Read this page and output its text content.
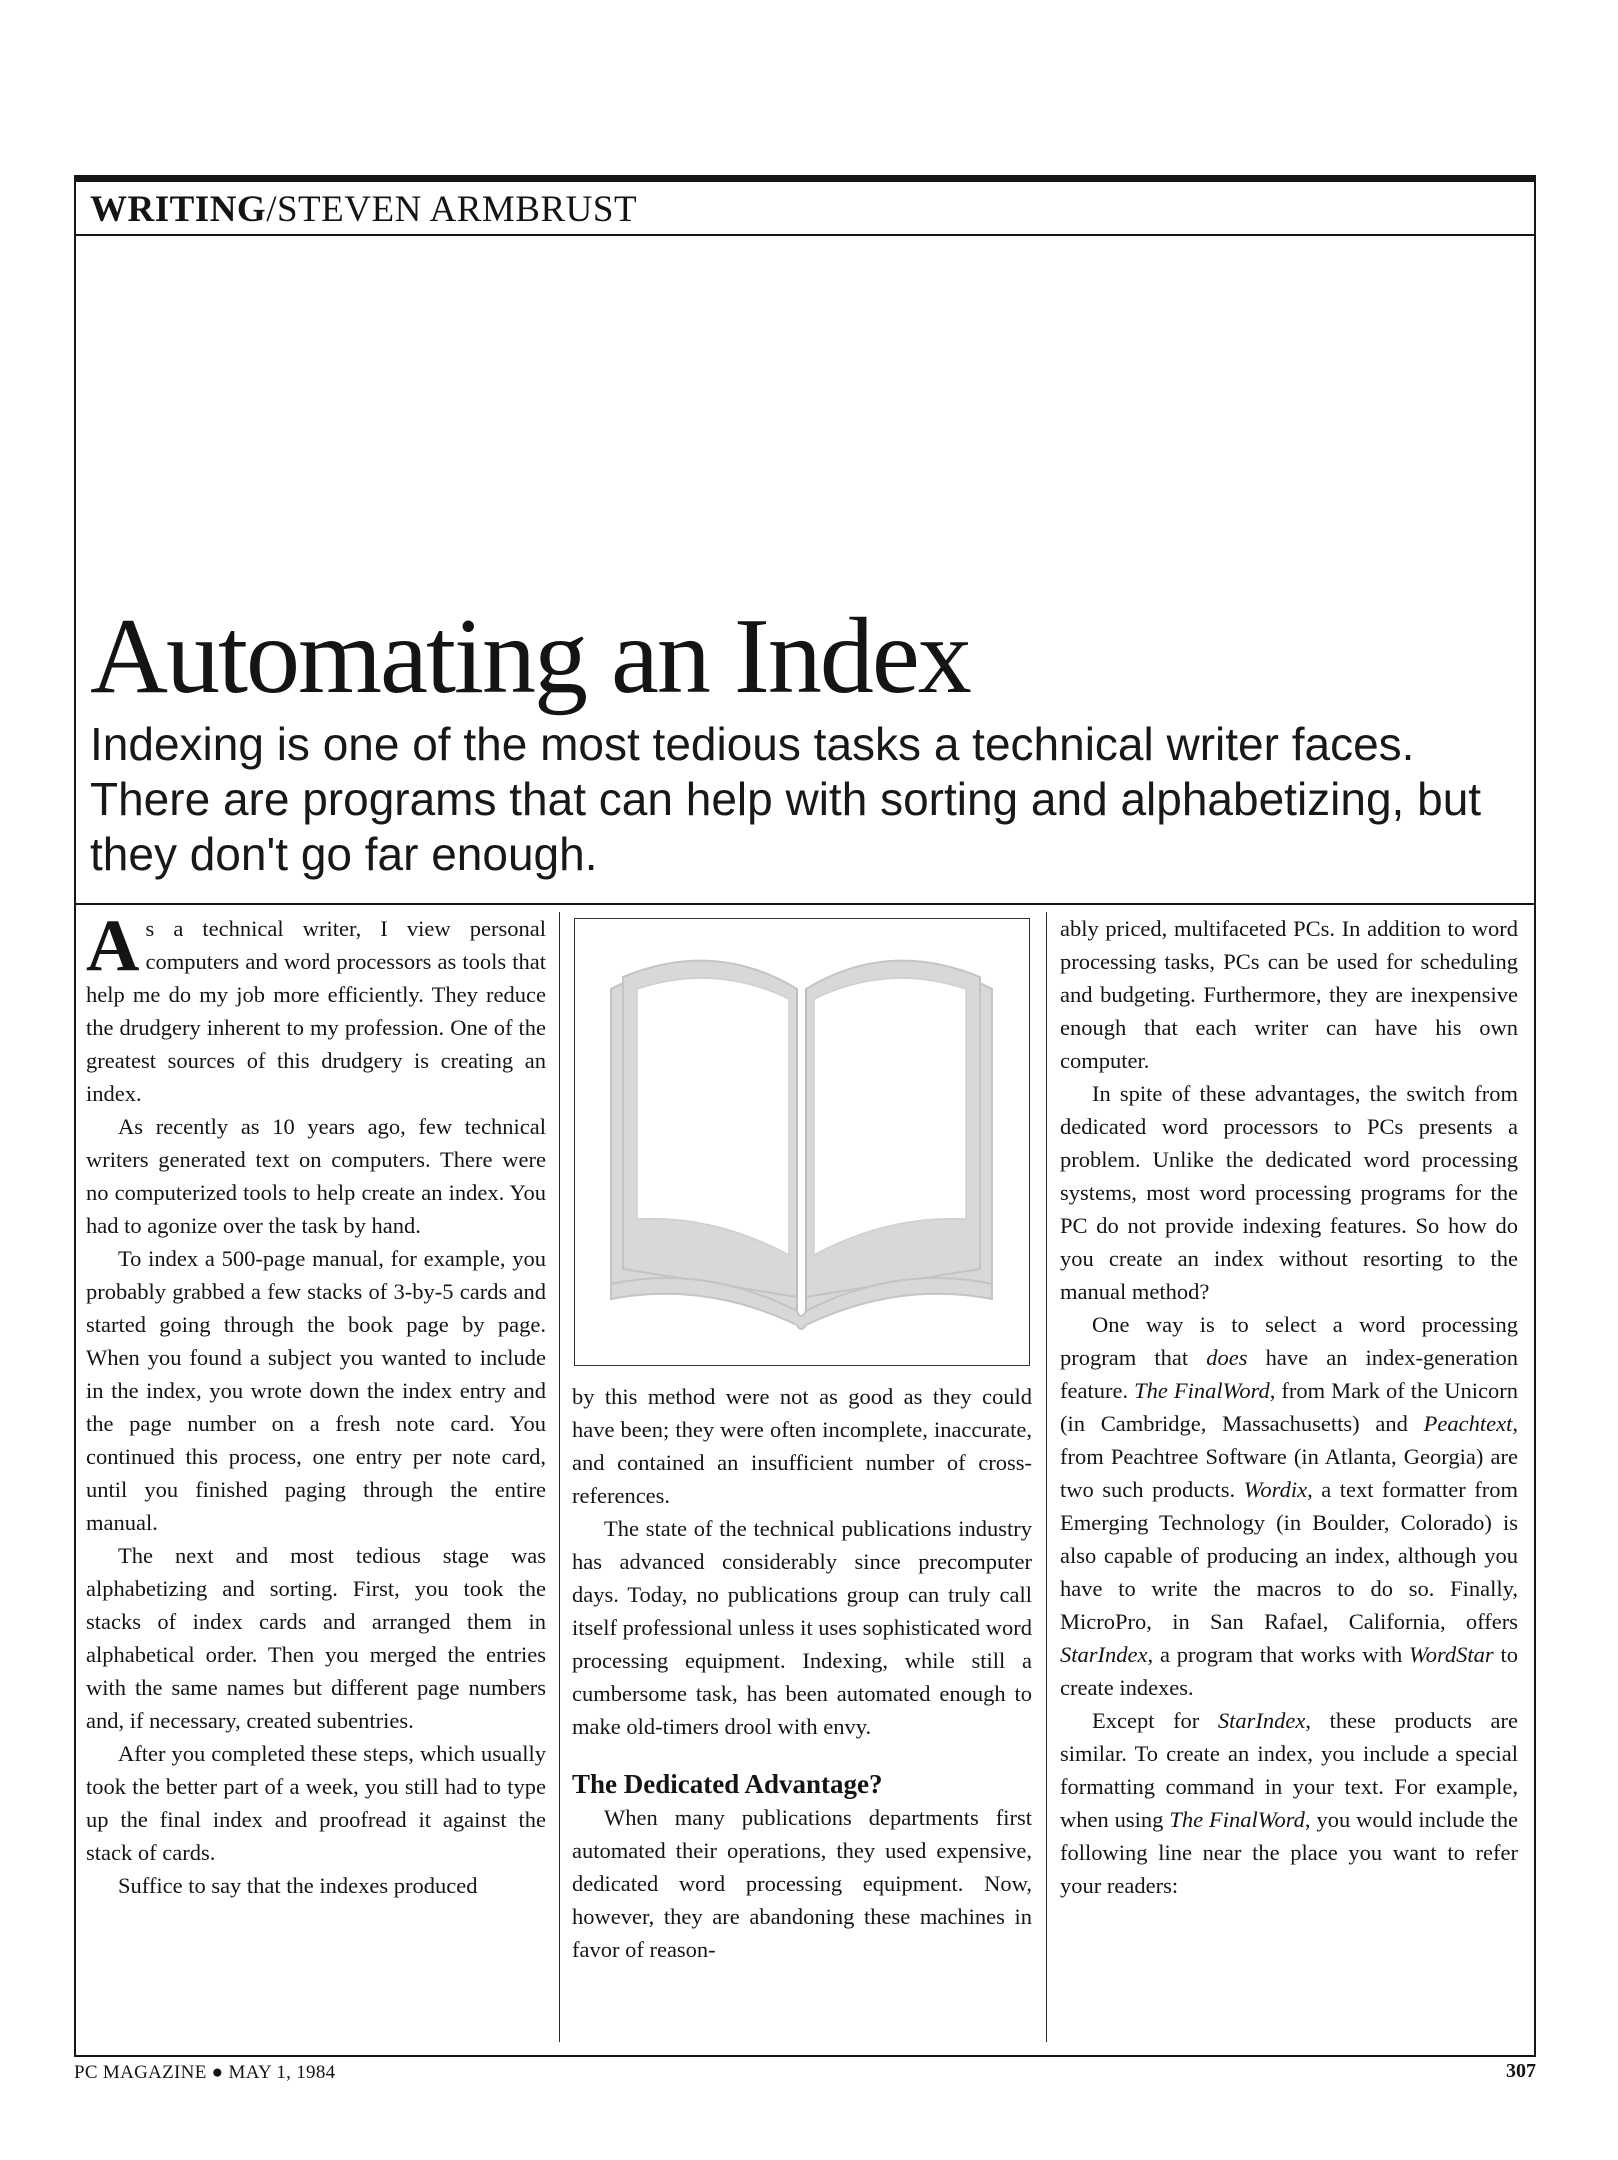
WRITING/STEVEN ARMBRUST
Automating an Index

Indexing is one of the most tedious tasks a technical writer faces. There are programs that can help with sorting and alphabetizing, but they don't go far enough.

As a technical writer, I view personal computers and word processors as tools that help me do my job more efficiently. They reduce the drudgery inherent to my profession. One of the greatest sources of this drudgery is creating an index.

As recently as 10 years ago, few technical writers generated text on computers. There were no computerized tools to help create an index. You had to agonize over the task by hand.

To index a 500-page manual, for example, you probably grabbed a few stacks of 3-by-5 cards and started going through the book page by page. When you found a subject you wanted to include in the index, you wrote down the index entry and the page number on a fresh note card. You continued this process, one entry per note card, until you finished paging through the entire manual.

The next and most tedious stage was alphabetizing and sorting. First, you took the stacks of index cards and arranged them in alphabetical order. Then you merged the entries with the same names but different page numbers and, if necessary, created subentries.

After you completed these steps, which usually took the better part of a week, you still had to type up the final index and proofread it against the stack of cards.

Suffice to say that the indexes produced

by this method were not as good as they could have been; they were often incomplete, inaccurate, and contained an insufficient number of cross-references.

The state of the technical publications industry has advanced considerably since precomputer days. Today, no publications group can truly call itself professional unless it uses sophisticated word processing equipment. Indexing, while still a cumbersome task, has been automated enough to make old-timers drool with envy.

The Dedicated Advantage?

When many publications departments first automated their operations, they used expensive, dedicated word processing equipment. Now, however, they are abandoning these machines in favor of reason-

ably priced, multifaceted PCs. In addition to word processing tasks, PCs can be used for scheduling and budgeting. Furthermore, they are inexpensive enough that each writer can have his own computer.

In spite of these advantages, the switch from dedicated word processors to PCs presents a problem. Unlike the dedicated word processing systems, most word processing programs for the PC do not provide indexing features. So how do you create an index without resorting to the manual method?

One way is to select a word processing program that does have an index-generation feature. The FinalWord, from Mark of the Unicorn (in Cambridge, Massachusetts) and Peachtext, from Peachtree Software (in Atlanta, Georgia) are two such products. Wordix, a text formatter from Emerging Technology (in Boulder, Colorado) is also capable of producing an index, although you have to write the macros to do so. Finally, MicroPro, in San Rafael, California, offers StarIndex, a program that works with WordStar to create indexes.

Except for StarIndex, these products are similar. To create an index, you include a special formatting command in your text. For example, when using The FinalWord, you would include the following line near the place you want to refer your readers:

PC MAGAZINE ● MAY 1, 1984	307
